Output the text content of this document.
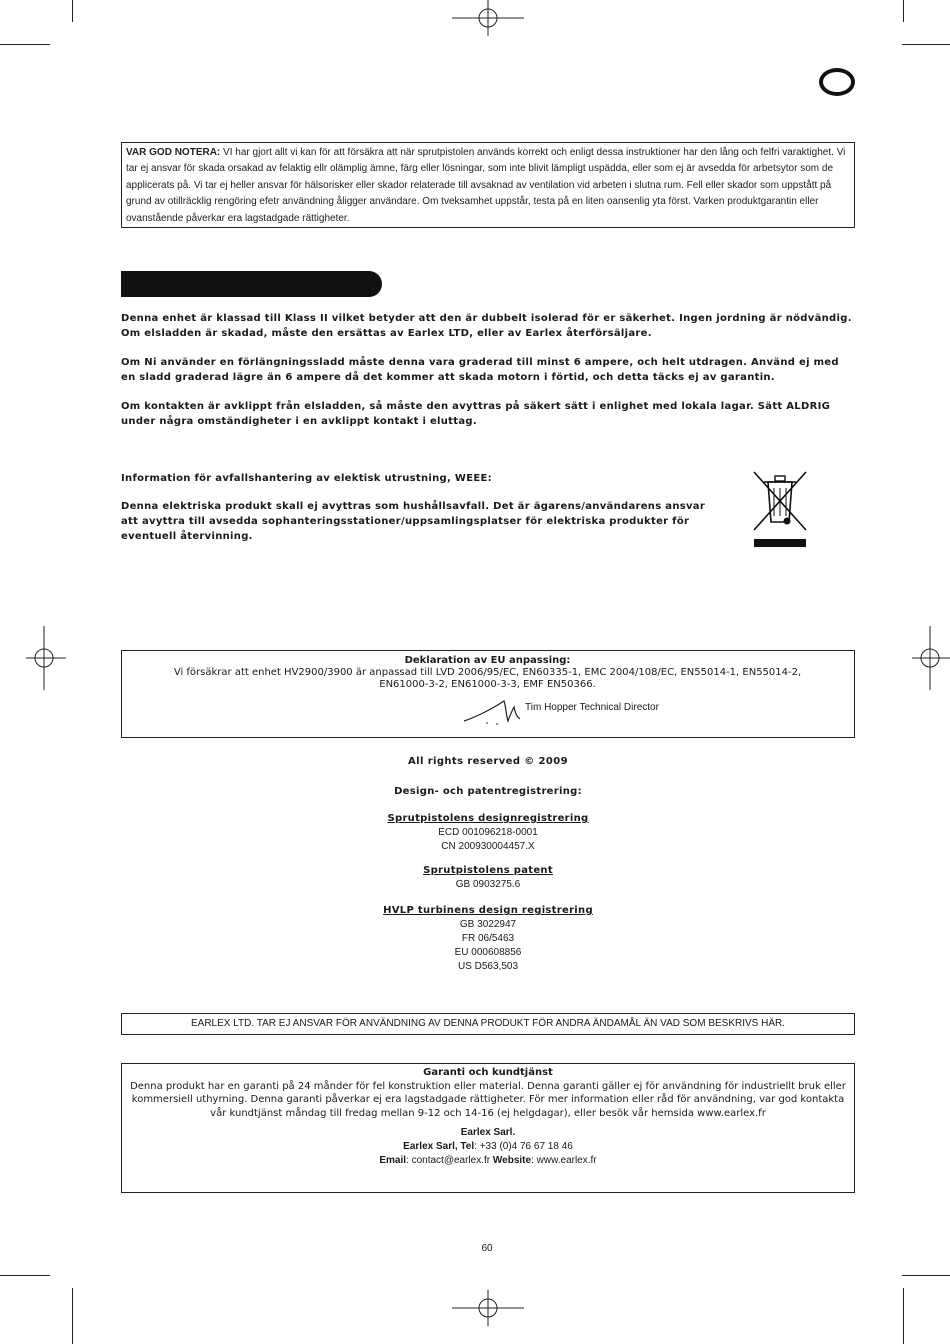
VAR GOD NOTERA: VI har gjort allt vi kan för att försäkra att när sprutpistolen används korrekt och enligt dessa instruktioner har den lång och felfri varaktighet. Vi tar ej ansvar för skada orsakad av felaktig ellr olämplig ämne, färg eller lösningar, som inte blivit lämpligt uspädda, eller som ej är avsedda för arbetsytor som de applicerats på. Vi tar ej heller ansvar för hälsorisker eller skador relaterade till avsaknad av ventilation vid arbeten i slutna rum. Fell eller skador som uppstått på grund av otillräcklig rengöring efetr användning åligger användare. Om tveksamhet uppstår, testa på en liten oansenlig yta först. Varken produktgarantin eller ovanstående påverkar era lagstadgade rättigheter.
Denna enhet är klassad till Klass II vilket betyder att den är dubbelt isolerad för er säkerhet. Ingen jordning är nödvändig. Om elsladden är skadad, måste den ersättas av Earlex LTD, eller av Earlex återförsäljare.
Om Ni använder en förlängningssladd måste denna vara graderad till minst 6 ampere, och helt utdragen. Använd ej med en sladd graderad lägre än 6 ampere då det kommer att skada motorn i förtid, och detta täcks ej av garantin.
Om kontakten är avklippt från elsladden, så måste den avyttras på säkert sätt i enlighet med lokala lagar. Sätt ALDRIG under några omständigheter i en avklippt kontakt i eluttag.
Information för avfallshantering av elektisk utrustning, WEEE:
Denna elektriska produkt skall ej avyttras som hushållsavfall. Det är ägarens/användarens ansvar att avyttra till avsedda sophanteringsstationer/uppsamlingsplatser för elektriska produkter för eventuell återvinning.
Deklaration av EU anpassing:
Vi försäkrar att enhet HV2900/3900 är anpassad till LVD 2006/95/EC, EN60335-1, EMC 2004/108/EC, EN55014-1, EN55014-2,
EN61000-3-2, EN61000-3-3, EMF EN50366.
Tim Hopper Technical Director
All rights reserved © 2009
Design- och patentregistrering:
Sprutpistolens designregistrering
ECD 001096218-0001
CN 200930004457.X
Sprutpistolens patent
GB 0903275.6
HVLP turbinens design registrering
GB 3022947
FR 06/5463
EU 000608856
US D563,503
EARLEX LTD. TAR EJ ANSVAR FÖR ANVÄNDNING AV DENNA PRODUKT FÖR ANDRA ÄNDAMÅL ÄN VAD SOM BESKRIVS HÄR.
Garanti och kundtjänst
Denna produkt har en garanti på 24 månder för fel konstruktion eller material. Denna garanti gäller ej för användning för industriellt bruk eller kommersiell uthyrning. Denna garanti påverkar ej era lagstadgade rättigheter. För mer information eller råd för användning, var god kontakta vår kundtjänst måndag till fredag mellan 9-12 och 14-16 (ej helgdagar), eller besök vår hemsida www.earlex.fr
Earlex Sarl.
Earlex Sarl, Tel: +33 (0)4 76 67 18 46
Email: contact@earlex.fr Website: www.earlex.fr
60
